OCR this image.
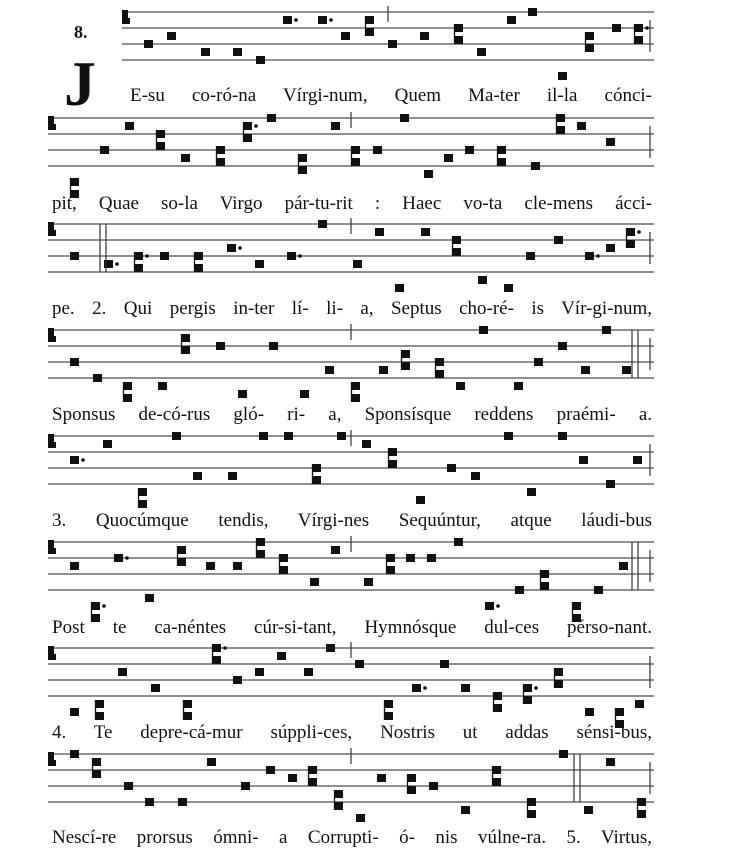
8.
J E-su co-ró-na Vírgi-num, Quem Ma-ter il-la cónci-
pit, Quae so-la Virgo pár-tu-rit : Haec vo-ta cle-mens ácci-
pe. 2. Qui pergis in-ter lí- li- a, Septus cho-ré- is Vír-gi-num,
Sponsus de-có-rus gló- ri- a, Sponsísque reddens praémi- a.
3. Quocúmque tendis, Vírgi-nes Sequúntur, atque láudi-bus
Post te ca-néntes cúr-si-tant, Hymnósque dul-ces pérso-nant.
4. Te depre-cá-mur súppli-ces, Nostris ut addas sénsi-bus,
Nescí-re prorsus ómni- a Corrupti- ó- nis vúlne-ra. 5. Virtus,
